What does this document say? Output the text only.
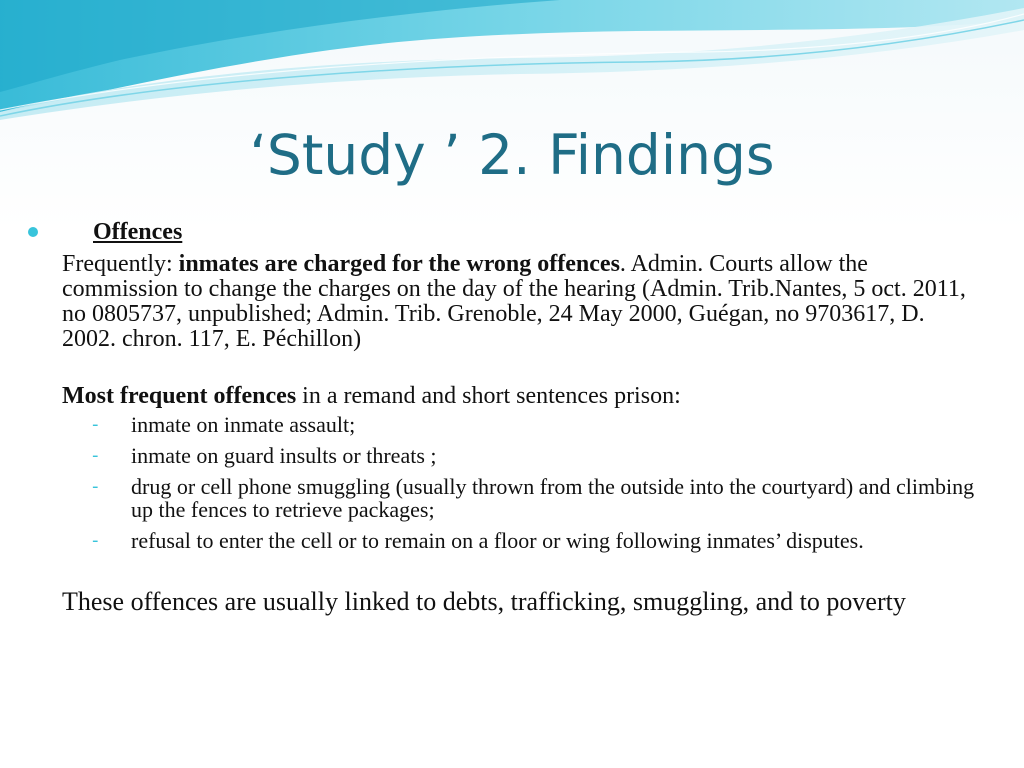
‘Study ’ 2. Findings
Offences

Frequently: inmates are charged for the wrong offences. Admin. Courts allow the commission to change the charges on the day of the hearing (Admin. Trib.Nantes, 5 oct. 2011, no 0805737, unpublished; Admin. Trib. Grenoble, 24 May 2000, Guégan, no 9703617, D. 2002. chron. 117, E. Péchillon)

Most frequent offences in a remand and short sentences prison:

- inmate on inmate assault;
- inmate on guard insults or threats ;
- drug or cell phone smuggling (usually thrown from the outside into the courtyard) and climbing up the fences to retrieve packages;
- refusal to enter the cell or to remain on a floor or wing following inmates’ disputes.

These offences are usually linked to debts, trafficking, smuggling, and to poverty
